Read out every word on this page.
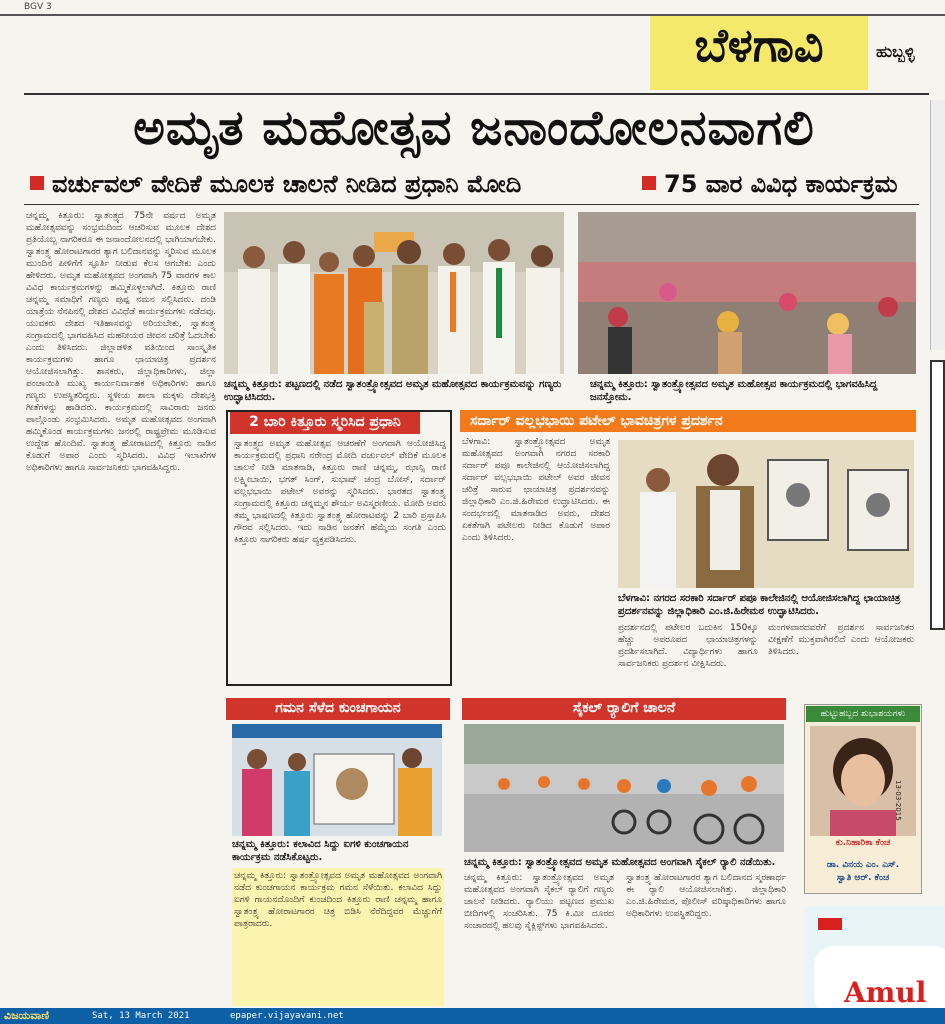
BGV 3
ಬೆಳಗಾವಿ	ಹುಬ್ಬಳ್ಳಿ
ಅಮೃತ ಮಹೋತ್ಸವ ಜನಾಂದೋಲನವಾಗಲಿ
ವರ್ಚುವಲ್ ವೇದಿಕೆ ಮೂಲಕ ಚಾಲನೆ ನೀಡಿದ ಪ್ರಧಾನಿ ಮೋದಿ	75 ವಾರ ವಿವಿಧ ಕಾರ್ಯಕ್ರಮ
ಚನ್ನಮ್ಮ ಕಿತ್ತೂರು: ಸ್ವಾತಂತ್ರ್ಯದ 75ನೇ ವರ್ಷದ ಅಮೃತ ಮಹೋತ್ಸವವನ್ನು ಸಂಭ್ರಮದಿಂದ ಆಚರಿಸುವ ಮೂಲಕ ದೇಶದ ಪ್ರತಿಯೊಬ್ಬ ನಾಗರಿಕರೂ ಈ ಜನಾಂದೋಲನದಲ್ಲಿ ಭಾಗಿಯಾಗಬೇಕು. ಸ್ವಾತಂತ್ರ್ಯ ಹೋರಾಟಗಾರರ ತ್ಯಾಗ ಬಲಿದಾನವನ್ನು ಸ್ಮರಿಸುವ ಮೂಲಕ ಮುಂದಿನ ಪೀಳಿಗೆಗೆ ಸ್ಫೂರ್ತಿ ನೀಡುವ ಕೆಲಸ ಆಗಬೇಕು ಎಂದು ಹೇಳಿದರು. ಅಮೃತ ಮಹೋತ್ಸವದ ಅಂಗವಾಗಿ 75 ವಾರಗಳ ಕಾಲ ವಿವಿಧ ಕಾರ್ಯಕ್ರಮಗಳನ್ನು ಹಮ್ಮಿಕೊಳ್ಳಲಾಗಿದೆ. ಕಿತ್ತೂರು ರಾಣಿ ಚನ್ನಮ್ಮ ಸಮಾಧಿಗೆ ಗಣ್ಯರು ಪುಷ್ಪ ನಮನ ಸಲ್ಲಿಸಿದರು. ದಂಡಿ ಯಾತ್ರೆಯ ನೆನಪಿನಲ್ಲಿ ದೇಶದ ವಿವಿಧೆಡೆ ಕಾರ್ಯಕ್ರಮಗಳು ನಡೆದವು. ಯುವಕರು ದೇಶದ ಇತಿಹಾಸವನ್ನು ಅರಿಯಬೇಕು, ಸ್ವಾತಂತ್ರ್ಯ ಸಂಗ್ರಾಮದಲ್ಲಿ ಭಾಗವಹಿಸಿದ ಮಹನೀಯರ ಜೀವನ ಚರಿತ್ರೆ ಓದಬೇಕು ಎಂದು ತಿಳಿಸಿದರು. ಜಿಲ್ಲಾಡಳಿತ ವತಿಯಿಂದ ಸಾಂಸ್ಕೃತಿಕ ಕಾರ್ಯಕ್ರಮಗಳು ಹಾಗೂ ಛಾಯಾಚಿತ್ರ ಪ್ರದರ್ಶನ ಆಯೋಜಿಸಲಾಗಿತ್ತು. ಶಾಸಕರು, ಜಿಲ್ಲಾಧಿಕಾರಿಗಳು, ಜಿಲ್ಲಾ ಪಂಚಾಯಿತಿ ಮುಖ್ಯ ಕಾರ್ಯನಿರ್ವಾಹಕ ಅಧಿಕಾರಿಗಳು ಹಾಗೂ ಗಣ್ಯರು ಉಪಸ್ಥಿತರಿದ್ದರು. ಸ್ಥಳೀಯ ಶಾಲಾ ಮಕ್ಕಳು ದೇಶಭಕ್ತಿ ಗೀತೆಗಳನ್ನು ಹಾಡಿದರು. ಕಾರ್ಯಕ್ರಮದಲ್ಲಿ ಸಾವಿರಾರು ಜನರು ಪಾಲ್ಗೊಂಡು ಸಂಭ್ರಮಿಸಿದರು. ಅಮೃತ ಮಹೋತ್ಸವದ ಅಂಗವಾಗಿ ಹಮ್ಮಿಕೊಂಡ ಕಾರ್ಯಕ್ರಮಗಳು ಜನರಲ್ಲಿ ರಾಷ್ಟ್ರಪ್ರೇಮ ಮೂಡಿಸುವ ಉದ್ದೇಶ ಹೊಂದಿವೆ. ಸ್ವಾತಂತ್ರ್ಯ ಹೋರಾಟದಲ್ಲಿ ಕಿತ್ತೂರು ನಾಡಿನ ಕೊಡುಗೆ ಅಪಾರ ಎಂದು ಸ್ಮರಿಸಿದರು. ವಿವಿಧ ಇಲಾಖೆಗಳ ಅಧಿಕಾರಿಗಳು ಹಾಗೂ ಸಾರ್ವಜನಿಕರು ಭಾಗವಹಿಸಿದ್ದರು.
ಚನ್ನಮ್ಮ ಕಿತ್ತೂರು: ಪಟ್ಟಣದಲ್ಲಿ ನಡೆದ ಸ್ವಾತಂತ್ರ್ಯೋತ್ಸವದ ಅಮೃತ ಮಹೋತ್ಸವದ ಕಾರ್ಯಕ್ರಮವನ್ನು ಗಣ್ಯರು ಉದ್ಘಾಟಿಸಿದರು.
ಚನ್ನಮ್ಮ ಕಿತ್ತೂರು: ಸ್ವಾತಂತ್ರ್ಯೋತ್ಸವದ ಅಮೃತ ಮಹೋತ್ಸವ ಕಾರ್ಯಕ್ರಮದಲ್ಲಿ ಭಾಗವಹಿಸಿದ್ದ ಜನಸ್ತೋಮ.
2 ಬಾರಿ ಕಿತ್ತೂರು ಸ್ಮರಿಸಿದ ಪ್ರಧಾನಿ
ಸ್ವಾತಂತ್ರ್ಯದ ಅಮೃತ ಮಹೋತ್ಸವ ಆಚರಣೆಗೆ ಅಂಗವಾಗಿ ಆಯೋಜಿಸಿದ್ದ ಕಾರ್ಯಕ್ರಮದಲ್ಲಿ ಪ್ರಧಾನಿ ನರೇಂದ್ರ ಮೋದಿ ವರ್ಚುವಲ್ ವೇದಿಕೆ ಮೂಲಕ ಚಾಲನೆ ನೀಡಿ ಮಾತನಾಡಿ, ಕಿತ್ತೂರು ರಾಣಿ ಚನ್ನಮ್ಮ, ಝಾನ್ಸಿ ರಾಣಿ ಲಕ್ಷ್ಮೀಬಾಯಿ, ಭಗತ್ ಸಿಂಗ್, ಸುಭಾಷ್ ಚಂದ್ರ ಬೋಸ್, ಸರ್ದಾರ್ ವಲ್ಲಭಭಾಯಿ ಪಟೇಲ್ ಅವರನ್ನು ಸ್ಮರಿಸಿದರು. ಭಾರತದ ಸ್ವಾತಂತ್ರ್ಯ ಸಂಗ್ರಾಮದಲ್ಲಿ ಕಿತ್ತೂರು ಚನ್ನಮ್ಮನ ಶೌರ್ಯ ಅವಿಸ್ಮರಣೀಯ. ಮೋದಿ ಅವರು ತಮ್ಮ ಭಾಷಣದಲ್ಲಿ ಕಿತ್ತೂರು ಸ್ವಾತಂತ್ರ್ಯ ಹೋರಾಟವನ್ನು 2 ಬಾರಿ ಪ್ರಸ್ತಾಪಿಸಿ ಗೌರವ ಸಲ್ಲಿಸಿದರು. ಇದು ನಾಡಿನ ಜನತೆಗೆ ಹೆಮ್ಮೆಯ ಸಂಗತಿ ಎಂದು ಕಿತ್ತೂರು ನಾಗರಿಕರು ಹರ್ಷ ವ್ಯಕ್ತಪಡಿಸಿದರು.
ಸರ್ದಾರ್ ವಲ್ಲಭಭಾಯಿ ಪಟೇಲ್ ಭಾವಚಿತ್ರಗಳ ಪ್ರದರ್ಶನ
ಬೆಳಗಾವಿ: ಸ್ವಾತಂತ್ರ್ಯೋತ್ಸವದ ಅಮೃತ ಮಹೋತ್ಸವದ ಅಂಗವಾಗಿ ನಗರದ ಸರಕಾರಿ ಸರ್ದಾರ್ ಪಪೂ ಕಾಲೇಜಿನಲ್ಲಿ ಆಯೋಜಿಸಲಾಗಿದ್ದ ಸರ್ದಾರ್ ವಲ್ಲಭಭಾಯಿ ಪಟೇಲ್ ಅವರ ಜೀವನ ಚರಿತ್ರೆ ಸಾರುವ ಛಾಯಾಚಿತ್ರ ಪ್ರದರ್ಶನವನ್ನು ಜಿಲ್ಲಾಧಿಕಾರಿ ಎಂ.ಜಿ.ಹಿರೇಮಠ ಉದ್ಘಾಟಿಸಿದರು. ಈ ಸಂದರ್ಭದಲ್ಲಿ ಮಾತನಾಡಿದ ಅವರು, ದೇಶದ ಏಕತೆಗಾಗಿ ಪಟೇಲರು ನೀಡಿದ ಕೊಡುಗೆ ಅಪಾರ ಎಂದು ತಿಳಿಸಿದರು.
ಬೆಳಗಾವಿ: ನಗರದ ಸರಕಾರಿ ಸರ್ದಾರ್ ಪಪೂ ಕಾಲೇಜಿನಲ್ಲಿ ಆಯೋಜಿಸಲಾಗಿದ್ದ ಛಾಯಾಚಿತ್ರ ಪ್ರದರ್ಶನವನ್ನು ಜಿಲ್ಲಾಧಿಕಾರಿ ಎಂ.ಜಿ.ಹಿರೇಮಠ ಉದ್ಘಾಟಿಸಿದರು.
ಪ್ರದರ್ಶನದಲ್ಲಿ ಪಟೇಲರ ಬದುಕಿನ 150ಕ್ಕೂ ಹೆಚ್ಚು ಅಪರೂಪದ ಛಾಯಾಚಿತ್ರಗಳನ್ನು ಪ್ರದರ್ಶಿಸಲಾಗಿದೆ. ವಿದ್ಯಾರ್ಥಿಗಳು ಹಾಗೂ ಸಾರ್ವಜನಿಕರು ಪ್ರದರ್ಶನ ವೀಕ್ಷಿಸಿದರು.
ಮಂಗಳವಾರದವರೆಗೆ ಪ್ರದರ್ಶನ ಸಾರ್ವಜನಿಕರ ವೀಕ್ಷಣೆಗೆ ಮುಕ್ತವಾಗಿರಲಿದೆ ಎಂದು ಆಯೋಜಕರು ತಿಳಿಸಿದರು.
ಗಮನ ಸೆಳೆದ ಕುಂಚಗಾಯನ
ಚನ್ನಮ್ಮ ಕಿತ್ತೂರು: ಕಲಾವಿದ ಸಿದ್ದು ಐಗಳಿ ಕುಂಚಗಾಯನ ಕಾರ್ಯಕ್ರಮ ನಡೆಸಿಕೊಟ್ಟರು.
ಚನ್ನಮ್ಮ ಕಿತ್ತೂರು: ಸ್ವಾತಂತ್ರ್ಯೋತ್ಸವದ ಅಮೃತ ಮಹೋತ್ಸವದ ಅಂಗವಾಗಿ ನಡೆದ ಕುಂಚಗಾಯನ ಕಾರ್ಯಕ್ರಮ ಗಮನ ಸೆಳೆಯಿತು. ಕಲಾವಿದ ಸಿದ್ದು ಐಗಳಿ ಗಾಯನದೊಂದಿಗೆ ಕುಂಚದಿಂದ ಕಿತ್ತೂರು ರಾಣಿ ಚನ್ನಮ್ಮ ಹಾಗೂ ಸ್ವಾತಂತ್ರ್ಯ ಹೋರಾಟಗಾರರ ಚಿತ್ರ ಬಿಡಿಸಿ ನೆರೆದಿದ್ದವರ ಮೆಚ್ಚುಗೆಗೆ ಪಾತ್ರರಾದರು.
ಸೈಕಲ್ ರ್‍ಯಾಲಿಗೆ ಚಾಲನೆ
ಚನ್ನಮ್ಮ ಕಿತ್ತೂರು: ಸ್ವಾತಂತ್ರ್ಯೋತ್ಸವದ ಅಮೃತ ಮಹೋತ್ಸವದ ಅಂಗವಾಗಿ ಸೈಕಲ್ ರ್‍ಯಾಲಿ ನಡೆಯಿತು.
ಚನ್ನಮ್ಮ ಕಿತ್ತೂರು: ಸ್ವಾತಂತ್ರ್ಯೋತ್ಸವದ ಅಮೃತ ಮಹೋತ್ಸವದ ಅಂಗವಾಗಿ ಸೈಕಲ್ ರ್‍ಯಾಲಿಗೆ ಗಣ್ಯರು ಚಾಲನೆ ನೀಡಿದರು. ರ್‍ಯಾಲಿಯು ಪಟ್ಟಣದ ಪ್ರಮುಖ ಬೀದಿಗಳಲ್ಲಿ ಸಂಚರಿಸಿತು. 75 ಕಿ.ಮೀ ದೂರದ ಸಂಚಾರದಲ್ಲಿ ಹಲವು ಸೈಕ್ಲಿಸ್ಟ್‌ಗಳು ಭಾಗವಹಿಸಿದರು.
ಸ್ವಾತಂತ್ರ್ಯ ಹೋರಾಟಗಾರರ ತ್ಯಾಗ ಬಲಿದಾನದ ಸ್ಮರಣಾರ್ಥ ಈ ರ್‍ಯಾಲಿ ಆಯೋಜಿಸಲಾಗಿತ್ತು. ಜಿಲ್ಲಾಧಿಕಾರಿ ಎಂ.ಜಿ.ಹಿರೇಮಠ, ಪೊಲೀಸ್ ವರಿಷ್ಠಾಧಿಕಾರಿಗಳು ಹಾಗೂ ಅಧಿಕಾರಿಗಳು ಉಪಸ್ಥಿತರಿದ್ದರು.
ಹುಟ್ಟುಹಬ್ಬದ ಶುಭಾಶಯಗಳು
13-03-2015
ಕು.ನಿಹಾರಿಕಾ ಕೆಂಚ
ಡಾ. ವಿನಯ ಎಂ. ಎಸ್.
ಸ್ವಾತಿ ಆರ್. ಕೆಂಚ
Amul
ವಿಜಯವಾಣಿ	Sat, 13 March 2021	epaper.vijayavani.net
